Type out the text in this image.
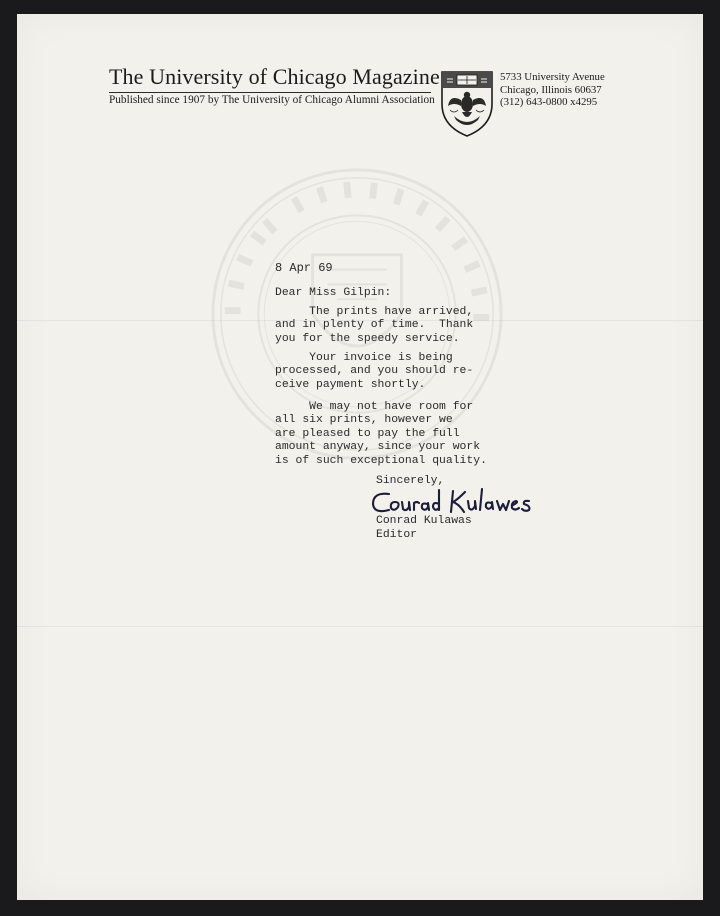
The University of Chicago Magazine
Published since 1907 by The University of Chicago Alumni Association
5733 University Avenue
Chicago, Illinois 60637
(312) 643-0800 x4295
8 Apr 69
Dear Miss Gilpin:
The prints have arrived,
and in plenty of time.  Thank
you for the speedy service.
Your invoice is being
processed, and you should re-
ceive payment shortly.
We may not have room for
all six prints, however we
are pleased to pay the full
amount anyway, since your work
is of such exceptional quality.
Sincerely,
Conrad Kulawas
Editor
